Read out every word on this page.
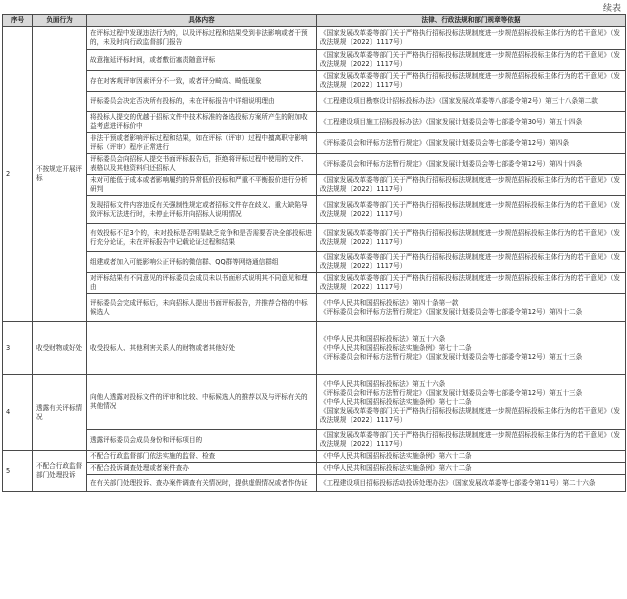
续表
序号	负面行为	具体内容	法律、行政法规和部门规章等依据
2	不按规定开展评标	在评标过程中发现违法行为的，以及评标过程和结果受到非法影响或者干预的，未及时向行政监督部门报告	《国家发展改革委等部门关于严格执行招标投标法规制度进一步规范招标投标主体行为的若干意见》（发改法规规〔2022〕1117号）
		故意拖延评标时间，或者敷衍塞责随意评标	《国家发展改革委等部门关于严格执行招标投标法规制度进一步规范招标投标主体行为的若干意见》（发改法规规〔2022〕1117号）
		存在对客观评审因素评分不一致，或者评分畸高、畸低现象	《国家发展改革委等部门关于严格执行招标投标法规制度进一步规范招标投标主体行为的若干意见》（发改法规规〔2022〕1117号）
		评标委员会决定否决所有投标的，未在评标报告中详细说明理由	《工程建设项目勘察设计招标投标办法》（国家发展改革委等八部委令第2号）第三十八条第二款
		将投标人提交的优越于招标文件中技术标准的备选投标方案所产生的附加收益考虑进评标价中	《工程建设项目施工招标投标办法》（国家发展计划委员会等七部委令第30号）第五十四条
		非法干预或者影响评标过程和结果，如在评标（评审）过程中擅离职守影响评标（评审）程序正常进行	《评标委员会和评标方法暂行规定》（国家发展计划委员会等七部委令第12号）第四条
		评标委员会向招标人提交书面评标报告后，拒绝将评标过程中使用的文件、表格以及其他资料归还招标人	《评标委员会和评标方法暂行规定》（国家发展计划委员会等七部委令第12号）第四十四条
		未对可能低于成本或者影响履约的异常低价投标和严重不平衡报价进行分析研判	《国家发展改革委等部门关于严格执行招标投标法规制度进一步规范招标投标主体行为的若干意见》（发改法规规〔2022〕1117号）
		发现招标文件内容违反有关强制性规定或者招标文件存在歧义、重大缺陷导致评标无法进行时，未停止评标并向招标人说明情况	《国家发展改革委等部门关于严格执行招标投标法规制度进一步规范招标投标主体行为的若干意见》（发改法规规〔2022〕1117号）
		有效投标不足3个的，未对投标是否明显缺乏竞争和是否需要否决全部投标进行充分论证，未在评标报告中记载论证过程和结果	《国家发展改革委等部门关于严格执行招标投标法规制度进一步规范招标投标主体行为的若干意见》（发改法规规〔2022〕1117号）
		组建或者加入可能影响公正评标的微信群、QQ群等网络通信群组	《国家发展改革委等部门关于严格执行招标投标法规制度进一步规范招标投标主体行为的若干意见》（发改法规规〔2022〕1117号）
		对评标结果有不同意见的评标委员会成员未以书面形式说明其不同意见和理由	《国家发展改革委等部门关于严格执行招标投标法规制度进一步规范招标投标主体行为的若干意见》（发改法规规〔2022〕1117号）
		评标委员会完成评标后，未向招标人提出书面评标报告，并推荐合格的中标候选人	《中华人民共和国招标投标法》第四十条第一款
《评标委员会和评标方法暂行规定》（国家发展计划委员会等七部委令第12号）第四十二条
3	收受财物或好处	收受投标人、其他利害关系人的财物或者其他好处	《中华人民共和国招标投标法》第五十六条
《中华人民共和国招标投标法实施条例》第七十二条
《评标委员会和评标方法暂行规定》（国家发展计划委员会等七部委令第12号）第五十三条
4	透露有关评标情况	向他人透露对投标文件的评审和比较、中标候选人的推荐以及与评标有关的其他情况	《中华人民共和国招标投标法》第五十六条
《评标委员会和评标方法暂行规定》（国家发展计划委员会等七部委令第12号）第五十三条
《中华人民共和国招标投标法实施条例》第七十二条
《国家发展改革委等部门关于严格执行招标投标法规制度进一步规范招标投标主体行为的若干意见》（发改法规规〔2022〕1117号）
		透露评标委员会成员身份和评标项目的	《国家发展改革委等部门关于严格执行招标投标法规制度进一步规范招标投标主体行为的若干意见》（发改法规规〔2022〕1117号）
5	不配合行政监督部门处理投诉	不配合行政监督部门依法实施的监督、检查	《中华人民共和国招标投标法实施条例》第六十二条
		不配合投诉调查处理或者案件查办	《中华人民共和国招标投标法实施条例》第六十二条
		在有关部门处理投诉、查办案件调查有关情况时，提供虚假情况或者作伪证	《工程建设项目招标投标活动投诉处理办法》（国家发展改革委等七部委令第11号）第二十六条
